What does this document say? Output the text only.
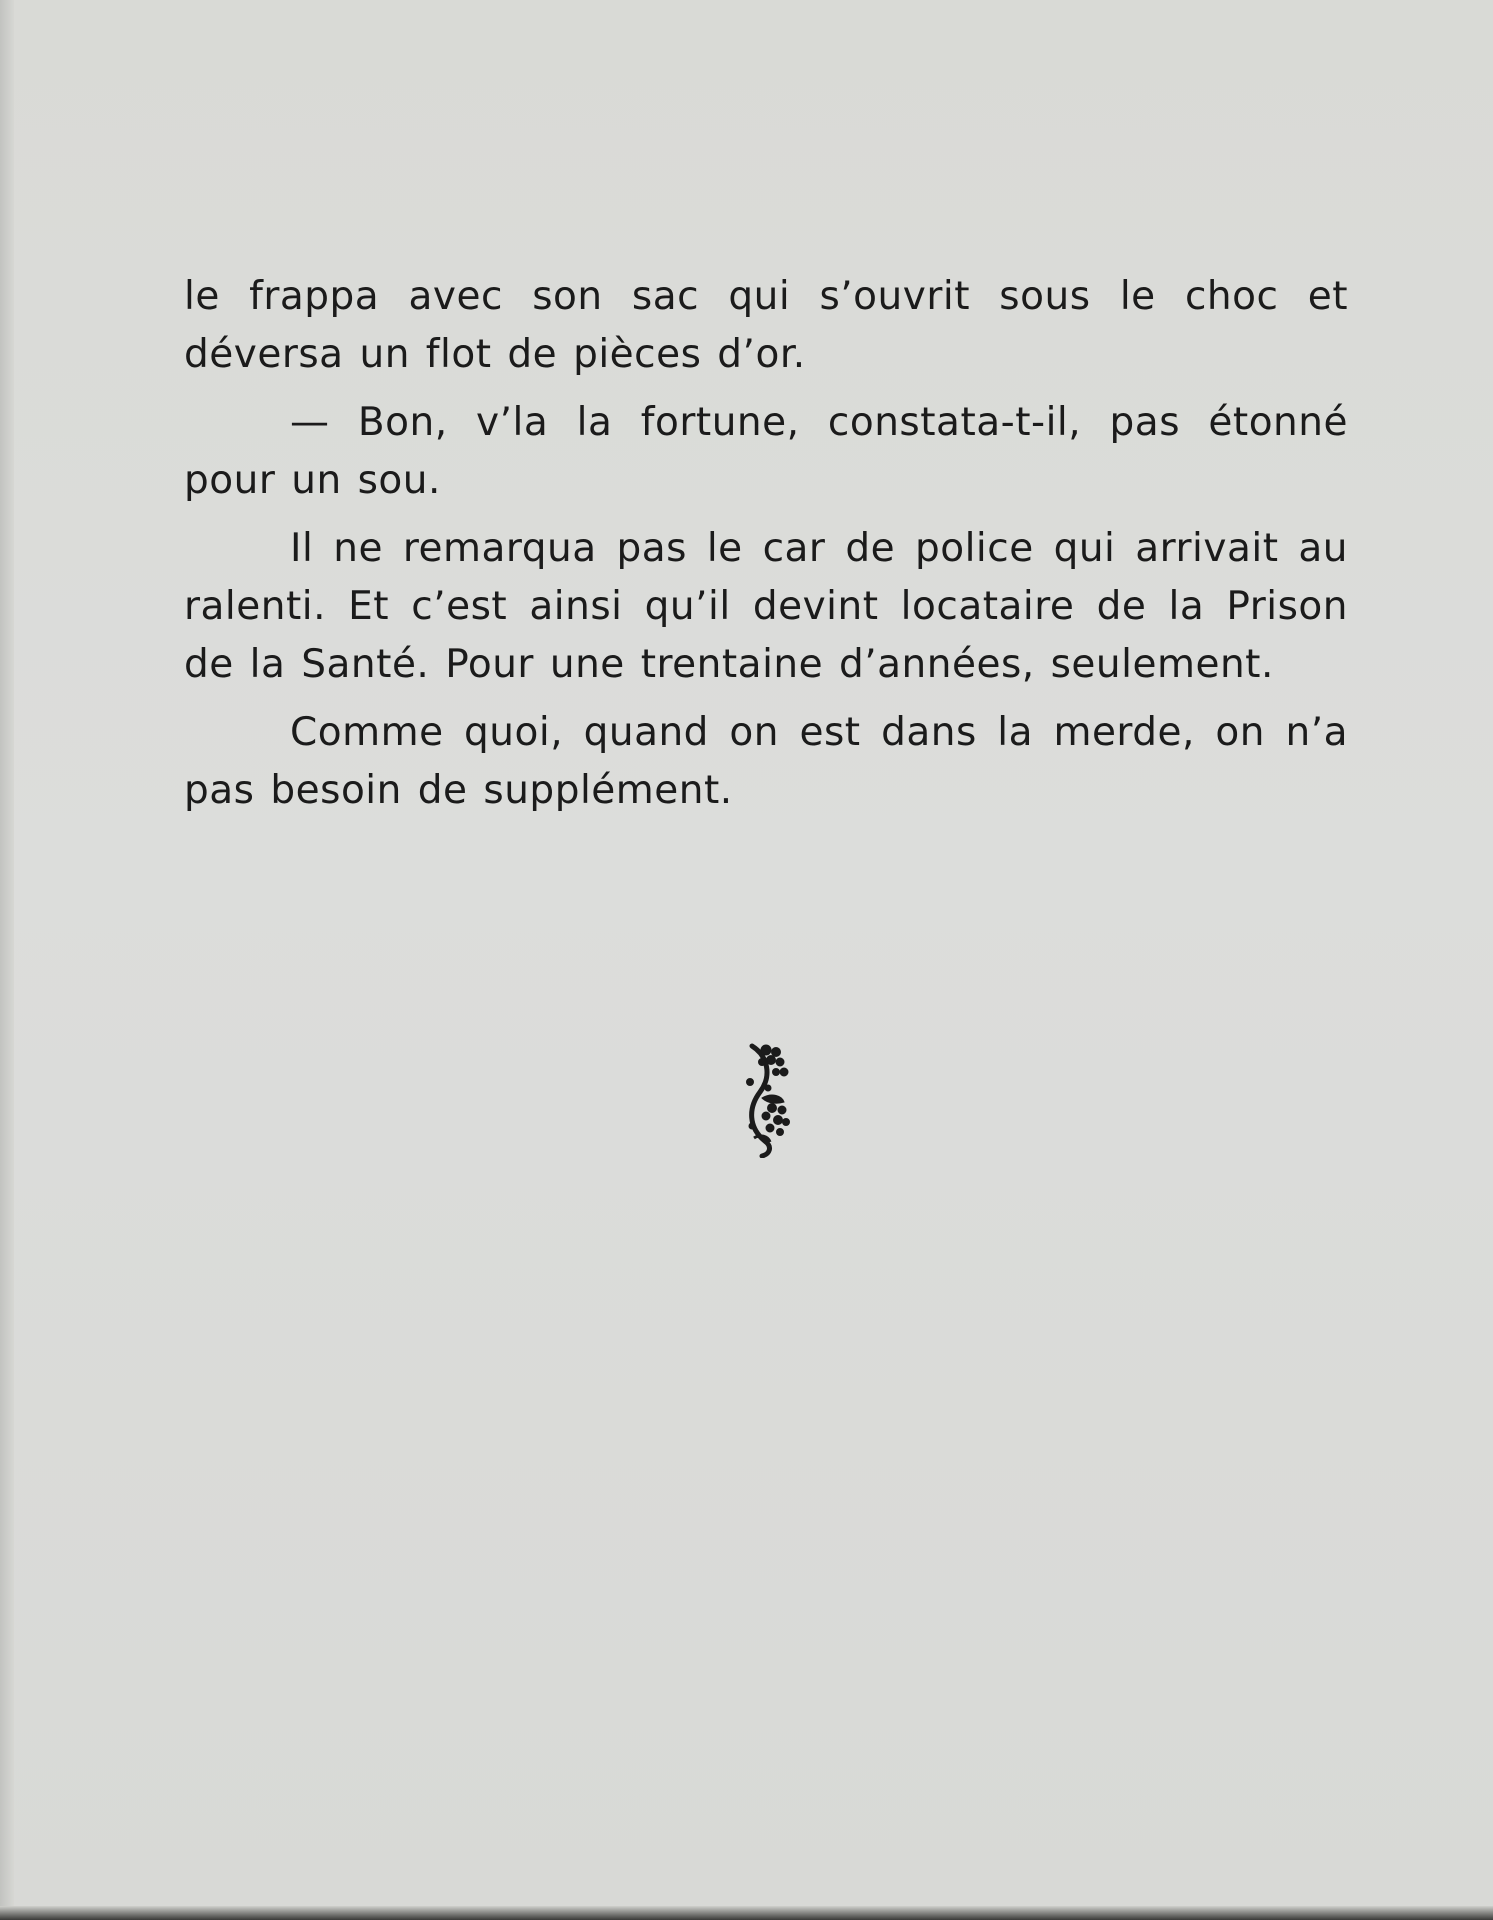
le frappa avec son sac qui s’ouvrit sous le choc et déversa un flot de pièces d’or.

— Bon, v’la la fortune, constata-t-il, pas étonné pour un sou.

Il ne remarqua pas le car de police qui arrivait au ralenti. Et c’est ainsi qu’il devint locataire de la Prison de la Santé. Pour une trentaine d’années, seulement.

Comme quoi, quand on est dans la merde, on n’a pas besoin de supplément.
